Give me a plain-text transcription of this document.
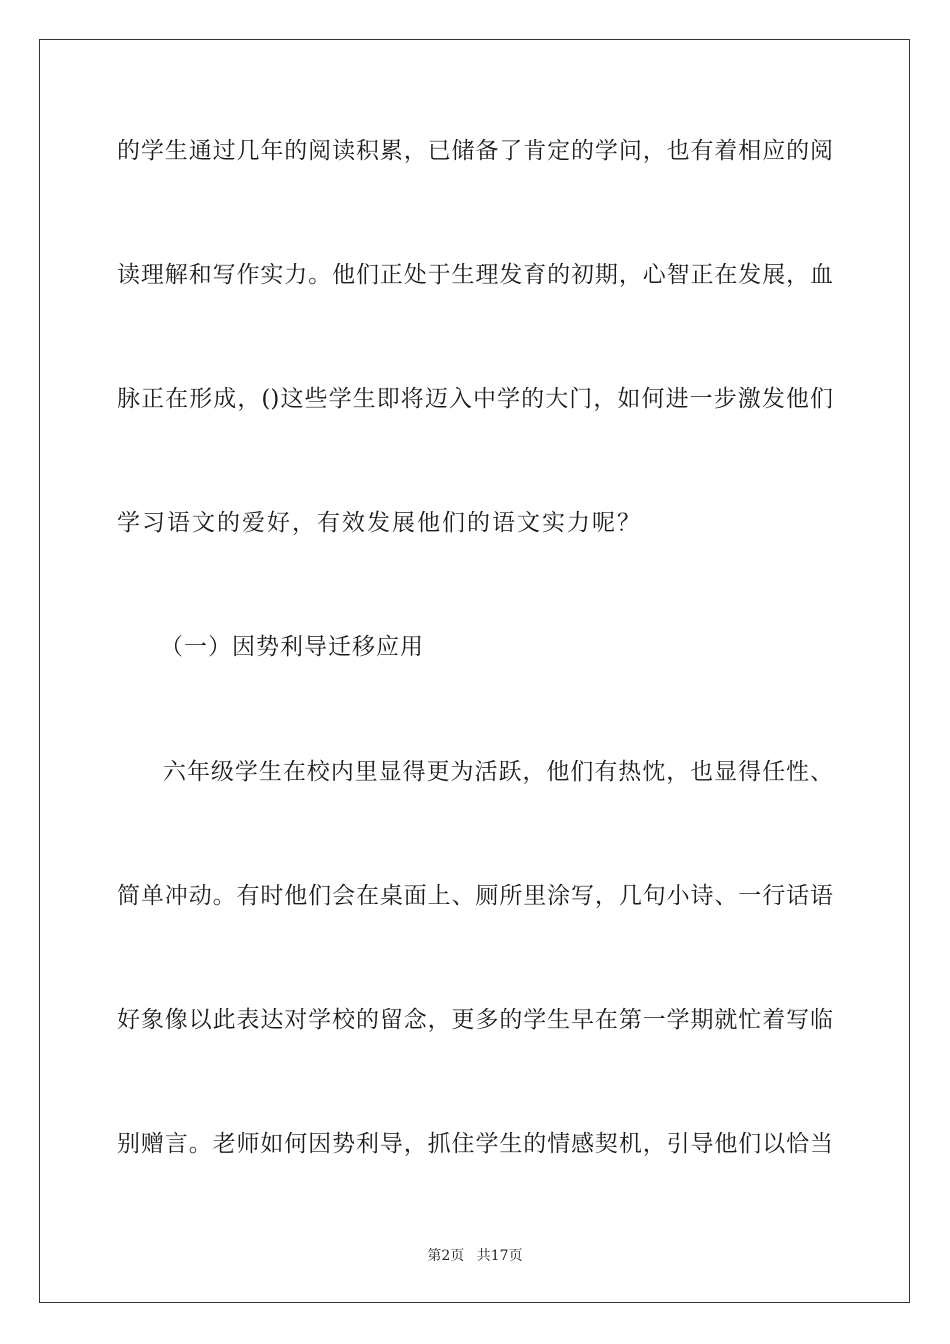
的学生通过几年的阅读积累，已储备了肯定的学问，也有着相应的阅
读理解和写作实力。他们正处于生理发育的初期，心智正在发展，血
脉正在形成，()这些学生即将迈入中学的大门，如何进一步激发他们
学习语文的爱好，有效发展他们的语文实力呢？
（一）因势利导迁移应用
六年级学生在校内里显得更为活跃，他们有热忱，也显得任性、
简单冲动。有时他们会在桌面上、厕所里涂写，几句小诗、一行话语
好象像以此表达对学校的留念，更多的学生早在第一学期就忙着写临
别赠言。老师如何因势利导，抓住学生的情感契机，引导他们以恰当
第2页 共17页
